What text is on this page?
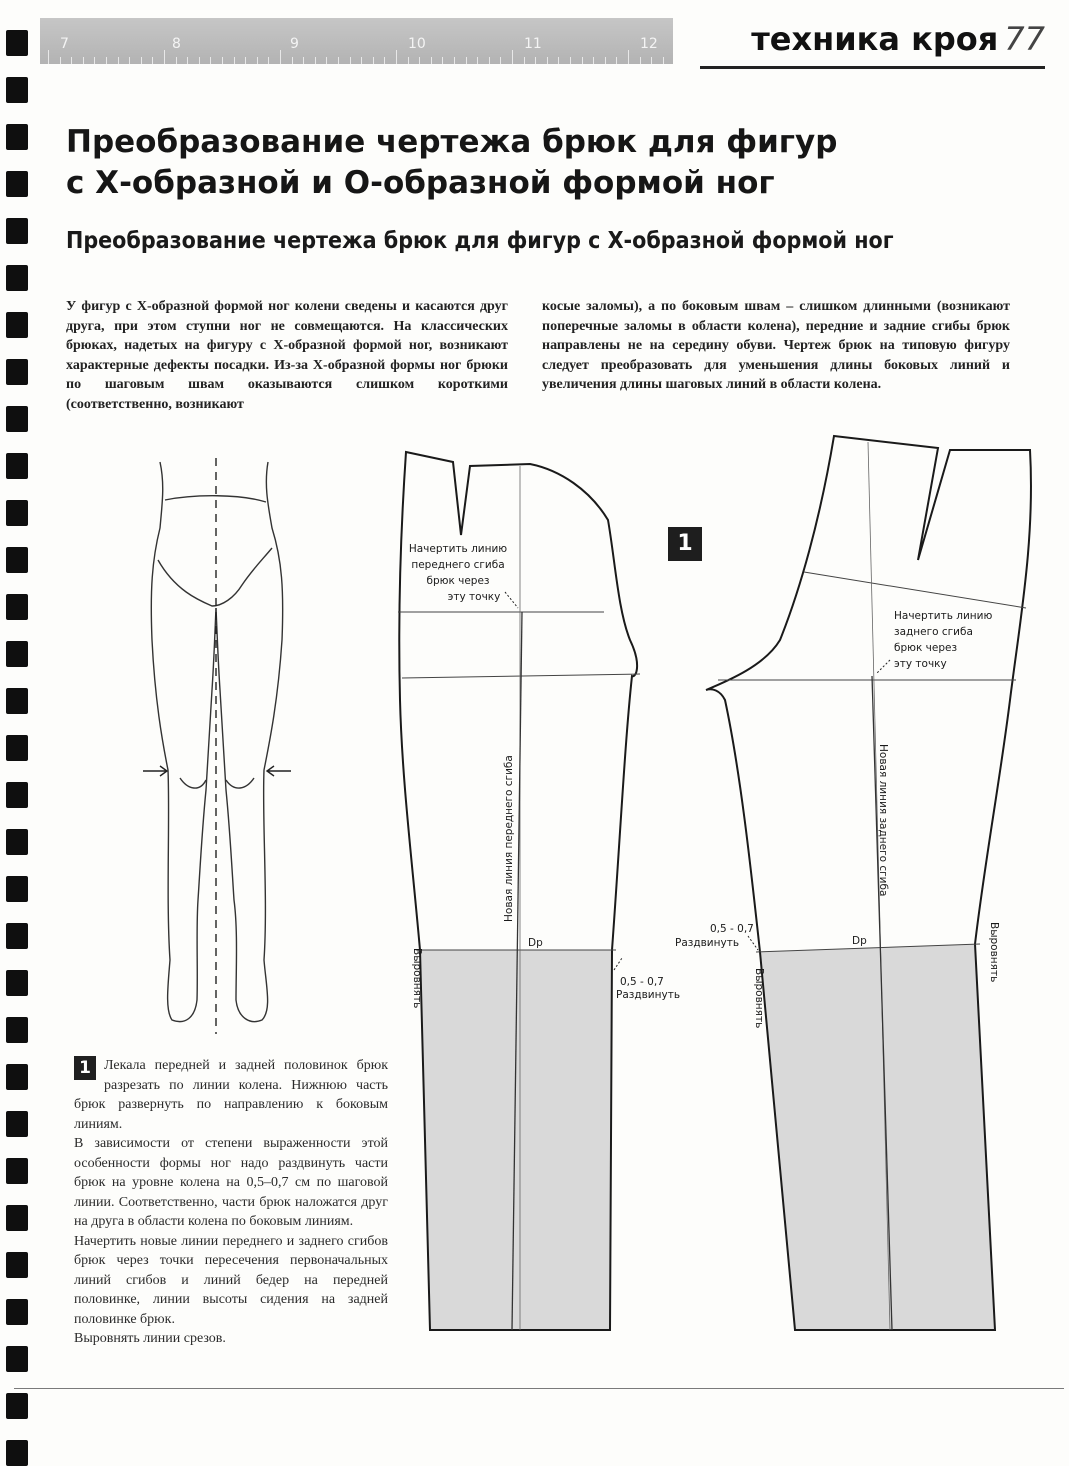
7	8	9	10	11	12	техника кроя 77
Преобразование чертежа брюк для фигур
с Х-образной и О-образной формой ног
Преобразование чертежа брюк для фигур с Х-образной формой ног
У фигур с Х-образной формой ног колени сведены и касаются друг друга, при этом ступни ног не совмещаются. На классических брюках, надетых на фигуру с Х-образной формой ног, возникают характерные дефекты посадки. Из-за Х-образной формы ног брюки по шаговым швам оказываются слишком короткими (соответственно, возникают
косые заломы), а по боковым швам – слишком длинными (возникают поперечные заломы в области колена), передние и задние сгибы брюк направлены не на середину обуви. Чертеж брюк на типовую фигуру следует преобразовать для уменьшения длины боковых линий и увеличения длины шаговых линий в области колена.
Начертить линию
переднего сгиба
брюк через
эту точку
Новая линия переднего сгиба
Dp
Выровнять	0,5 - 0,7
Раздвинуть
Начертить линию
заднего сгиба
брюк через
эту точку
Новая линия заднего сгиба
Dp
0,5 - 0,7
Раздвинуть
Выровнять
Выровнять
1
1 Лекала передней и задней половинок брюк разрезать по линии колена. Нижнюю часть брюк развернуть по направлению к боковым линиям.
В зависимости от степени выраженности этой особенности формы ног надо раздвинуть части брюк на уровне колена на 0,5–0,7 см по шаговой линии. Соответственно, части брюк наложатся друг на друга в области колена по боковым линиям.
Начертить новые линии переднего и заднего сгибов брюк через точки пересечения первоначальных линий сгибов и линий бедер на передней половинке, линии высоты сидения на задней половинке брюк.
Выровнять линии срезов.
